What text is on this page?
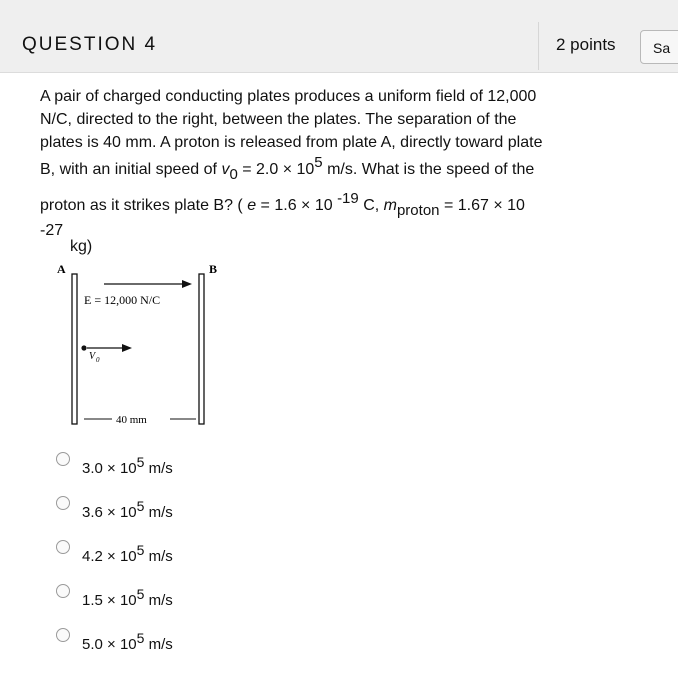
QUESTION 4	2 points	Sa
A pair of charged conducting plates produces a uniform field of 12,000
N/C, directed to the right, between the plates. The separation of the
plates is 40 mm. A proton is released from plate A, directly toward plate
B, with an initial speed of v0 = 2.0 × 105 m/s. What is the speed of the
proton as it strikes plate B? ( e = 1.6 × 10 -19 C, mproton = 1.67 × 10
-27
kg)
A	B
E = 12,000 N/C
V 0
40 mm
3.0 × 105 m/s
3.6 × 105 m/s
4.2 × 105 m/s
1.5 × 105 m/s
5.0 × 105 m/s
